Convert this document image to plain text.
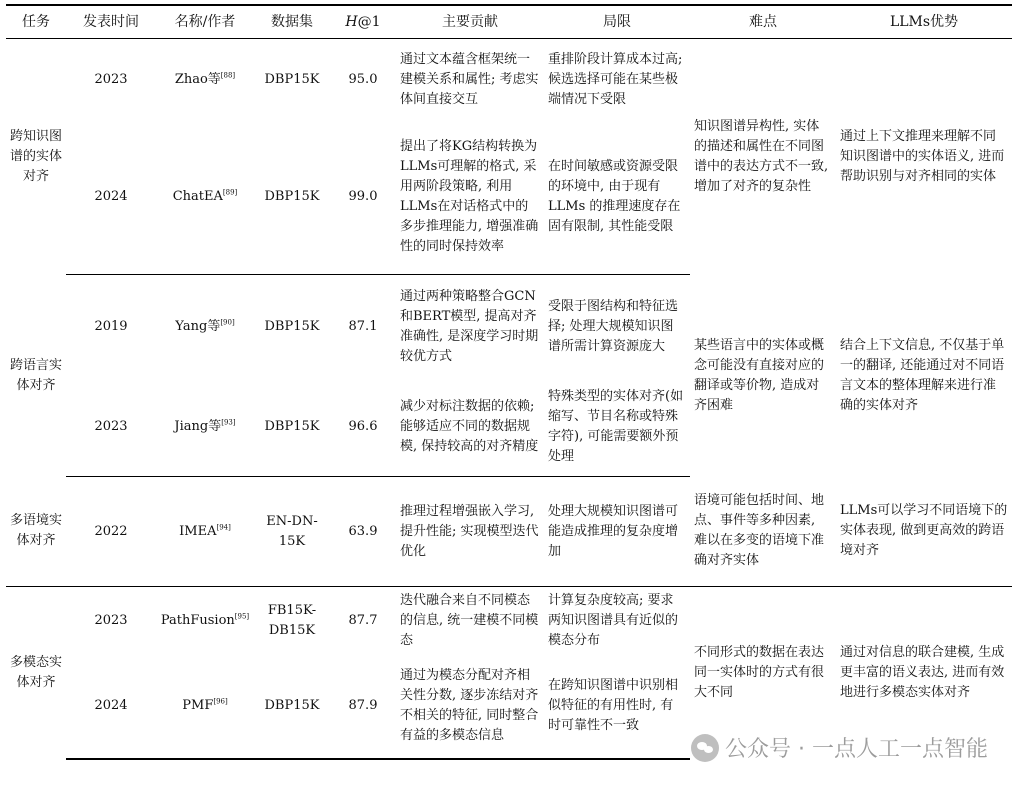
任务	发表时间	名称/作者	数据集	H@1	主要贡献	局限	难点	LLMs优势
跨知识图谱的实体对齐	2023	Zhao等[88]	DBP15K	95.0	通过文本蕴含框架统一建模关系和属性; 考虑实体间直接交互	重排阶段计算成本过高; 候选选择可能在某些极端情况下受限	知识图谱异构性, 实体的描述和属性在不同图谱中的表达方式不一致, 增加了对齐的复杂性	通过上下文推理来理解不同知识图谱中的实体语义, 进而帮助识别与对齐相同的实体
	2024	ChatEA[89]	DBP15K	99.0	提出了将KG结构转换为LLMs可理解的格式, 采用两阶段策略, 利用LLMs在对话格式中的多步推理能力, 增强准确性的同时保持效率	在时间敏感或资源受限的环境中, 由于现有 LLMs 的推理速度存在固有限制, 其性能受限		
跨语言实体对齐	2019	Yang等[90]	DBP15K	87.1	通过两种策略整合GCN和BERT模型, 提高对齐准确性, 是深度学习时期较优方式	受限于图结构和特征选择; 处理大规模知识图谱所需计算资源庞大	某些语言中的实体或概念可能没有直接对应的翻译或等价物, 造成对齐困难	结合上下文信息, 不仅基于单一的翻译, 还能通过对不同语言文本的整体理解来进行准确的实体对齐
	2023	Jiang等[93]	DBP15K	96.6	减少对标注数据的依赖; 能够适应不同的数据规模, 保持较高的对齐精度	特殊类型的实体对齐(如缩写、节目名称或特殊字符), 可能需要额外预处理		
多语境实体对齐	2022	IMEA[94]	EN-DN-15K	63.9	推理过程增强嵌入学习, 提升性能; 实现模型迭代优化	处理大规模知识图谱可能造成推理的复杂度增加	语境可能包括时间、地点、事件等多种因素, 难以在多变的语境下准确对齐实体	LLMs可以学习不同语境下的实体表现, 做到更高效的跨语境对齐
多模态实体对齐	2023	PathFusion[95]	FB15K-DB15K	87.7	迭代融合来自不同模态的信息, 统一建模不同模态	计算复杂度较高; 要求两知识图谱具有近似的模态分布	不同形式的数据在表达同一实体时的方式有很大不同	通过对信息的联合建模, 生成更丰富的语义表达, 进而有效地进行多模态实体对齐
	2024	PMF[96]	DBP15K	87.9	通过为模态分配对齐相关性分数, 逐步冻结对齐不相关的特征, 同时整合有益的多模态信息	在跨知识图谱中识别相似特征的有用性时, 有时可靠性不一致		
公众号 · 一点人工一点智能
